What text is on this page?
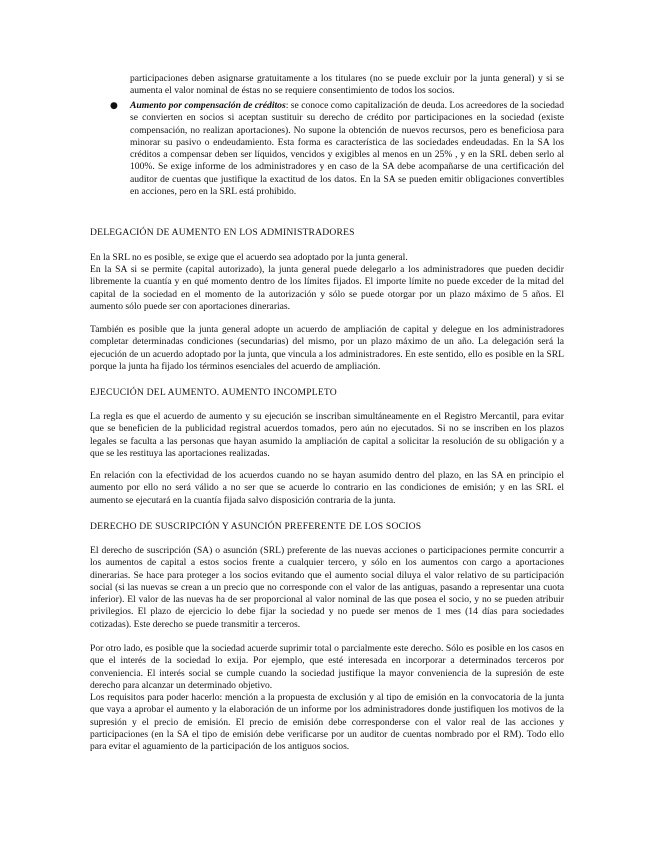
participaciones deben asignarse gratuitamente a los titulares (no se puede excluir por la junta general) y si se aumenta el valor nominal de éstas no se requiere consentimiento de todos los socios.

●	Aumento por compensación de créditos: se conoce como capitalización de deuda. Los acreedores de la sociedad se convierten en socios si aceptan sustituir su derecho de crédito por participaciones en la sociedad (existe compensación, no realizan aportaciones). No supone la obtención de nuevos recursos, pero es beneficiosa para minorar su pasivo o endeudamiento. Esta forma es característica de las sociedades endeudadas. En la SA los créditos a compensar deben ser líquidos, vencidos y exigibles al menos en un 25% , y en la SRL deben serlo al 100%. Se exige informe de los administradores y en caso de la SA debe acompañarse de una certificación del auditor de cuentas que justifique la exactitud de los datos. En la SA se pueden emitir obligaciones convertibles en acciones, pero en la SRL está prohibido.

DELEGACIÓN DE AUMENTO EN LOS ADMINISTRADORES

En la SRL no es posible, se exige que el acuerdo sea adoptado por la junta general.

En la SA si se permite (capital autorizado), la junta general puede delegarlo a los administradores que pueden decidir libremente la cuantía y en qué momento dentro de los límites fijados. El importe límite no puede exceder de la mitad del capital de la sociedad en el momento de la autorización y sólo se puede otorgar por un plazo máximo de 5 años. El aumento sólo puede ser con aportaciones dinerarias.

También es posible que la junta general adopte un acuerdo de ampliación de capital y delegue en los administradores completar determinadas condiciones (secundarias) del mismo, por un plazo máximo de un año. La delegación será la ejecución de un acuerdo adoptado por la junta, que vincula a los administradores. En este sentido, ello es posible en la SRL porque la junta ha fijado los términos esenciales del acuerdo de ampliación.

EJECUCIÓN DEL AUMENTO. AUMENTO INCOMPLETO

La regla es que el acuerdo de aumento y su ejecución se inscriban simultáneamente en el Registro Mercantil, para evitar que se beneficien de la publicidad registral acuerdos tomados, pero aún no ejecutados. Si no se inscriben en los plazos legales se faculta a las personas que hayan asumido la ampliación de capital a solicitar la resolución de su obligación y a que se les restituya las aportaciones realizadas.

En relación con la efectividad de los acuerdos cuando no se hayan asumido dentro del plazo, en las SA en principio el aumento por ello no será válido a no ser que se acuerde lo contrario en las condiciones de emisión; y en las SRL el aumento se ejecutará en la cuantía fijada salvo disposición contraria de la junta.

DERECHO DE SUSCRIPCIÓN Y ASUNCIÓN PREFERENTE DE LOS SOCIOS

El derecho de suscripción (SA) o asunción (SRL) preferente de las nuevas acciones o participaciones permite concurrir a los aumentos de capital a estos socios frente a cualquier tercero, y sólo en los aumentos con cargo a aportaciones dinerarias. Se hace para proteger a los socios evitando que el aumento social diluya el valor relativo de su participación social (si las nuevas se crean a un precio que no corresponde con el valor de las antiguas, pasando a representar una cuota inferior). El valor de las nuevas ha de ser proporcional al valor nominal de las que posea el socio, y no se pueden atribuir privilegios. El plazo de ejercicio lo debe fijar la sociedad y no puede ser menos de 1 mes (14 días para sociedades cotizadas). Este derecho se puede transmitir a terceros.

Por otro lado, es posible que la sociedad acuerde suprimir total o parcialmente este derecho. Sólo es posible en los casos en que el interés de la sociedad lo exija. Por ejemplo, que esté interesada en incorporar a determinados terceros por conveniencia. El interés social se cumple cuando la sociedad justifique la mayor conveniencia de la supresión de este derecho para alcanzar un determinado objetivo.

Los requisitos para poder hacerlo: mención a la propuesta de exclusión y al tipo de emisión en la convocatoria de la junta que vaya a aprobar el aumento y la elaboración de un informe por los administradores donde justifiquen los motivos de la supresión y el precio de emisión. El precio de emisión debe corresponderse con el valor real de las acciones y participaciones (en la SA el tipo de emisión debe verificarse por un auditor de cuentas nombrado por el RM). Todo ello para evitar el aguamiento de la participación de los antiguos socios.
